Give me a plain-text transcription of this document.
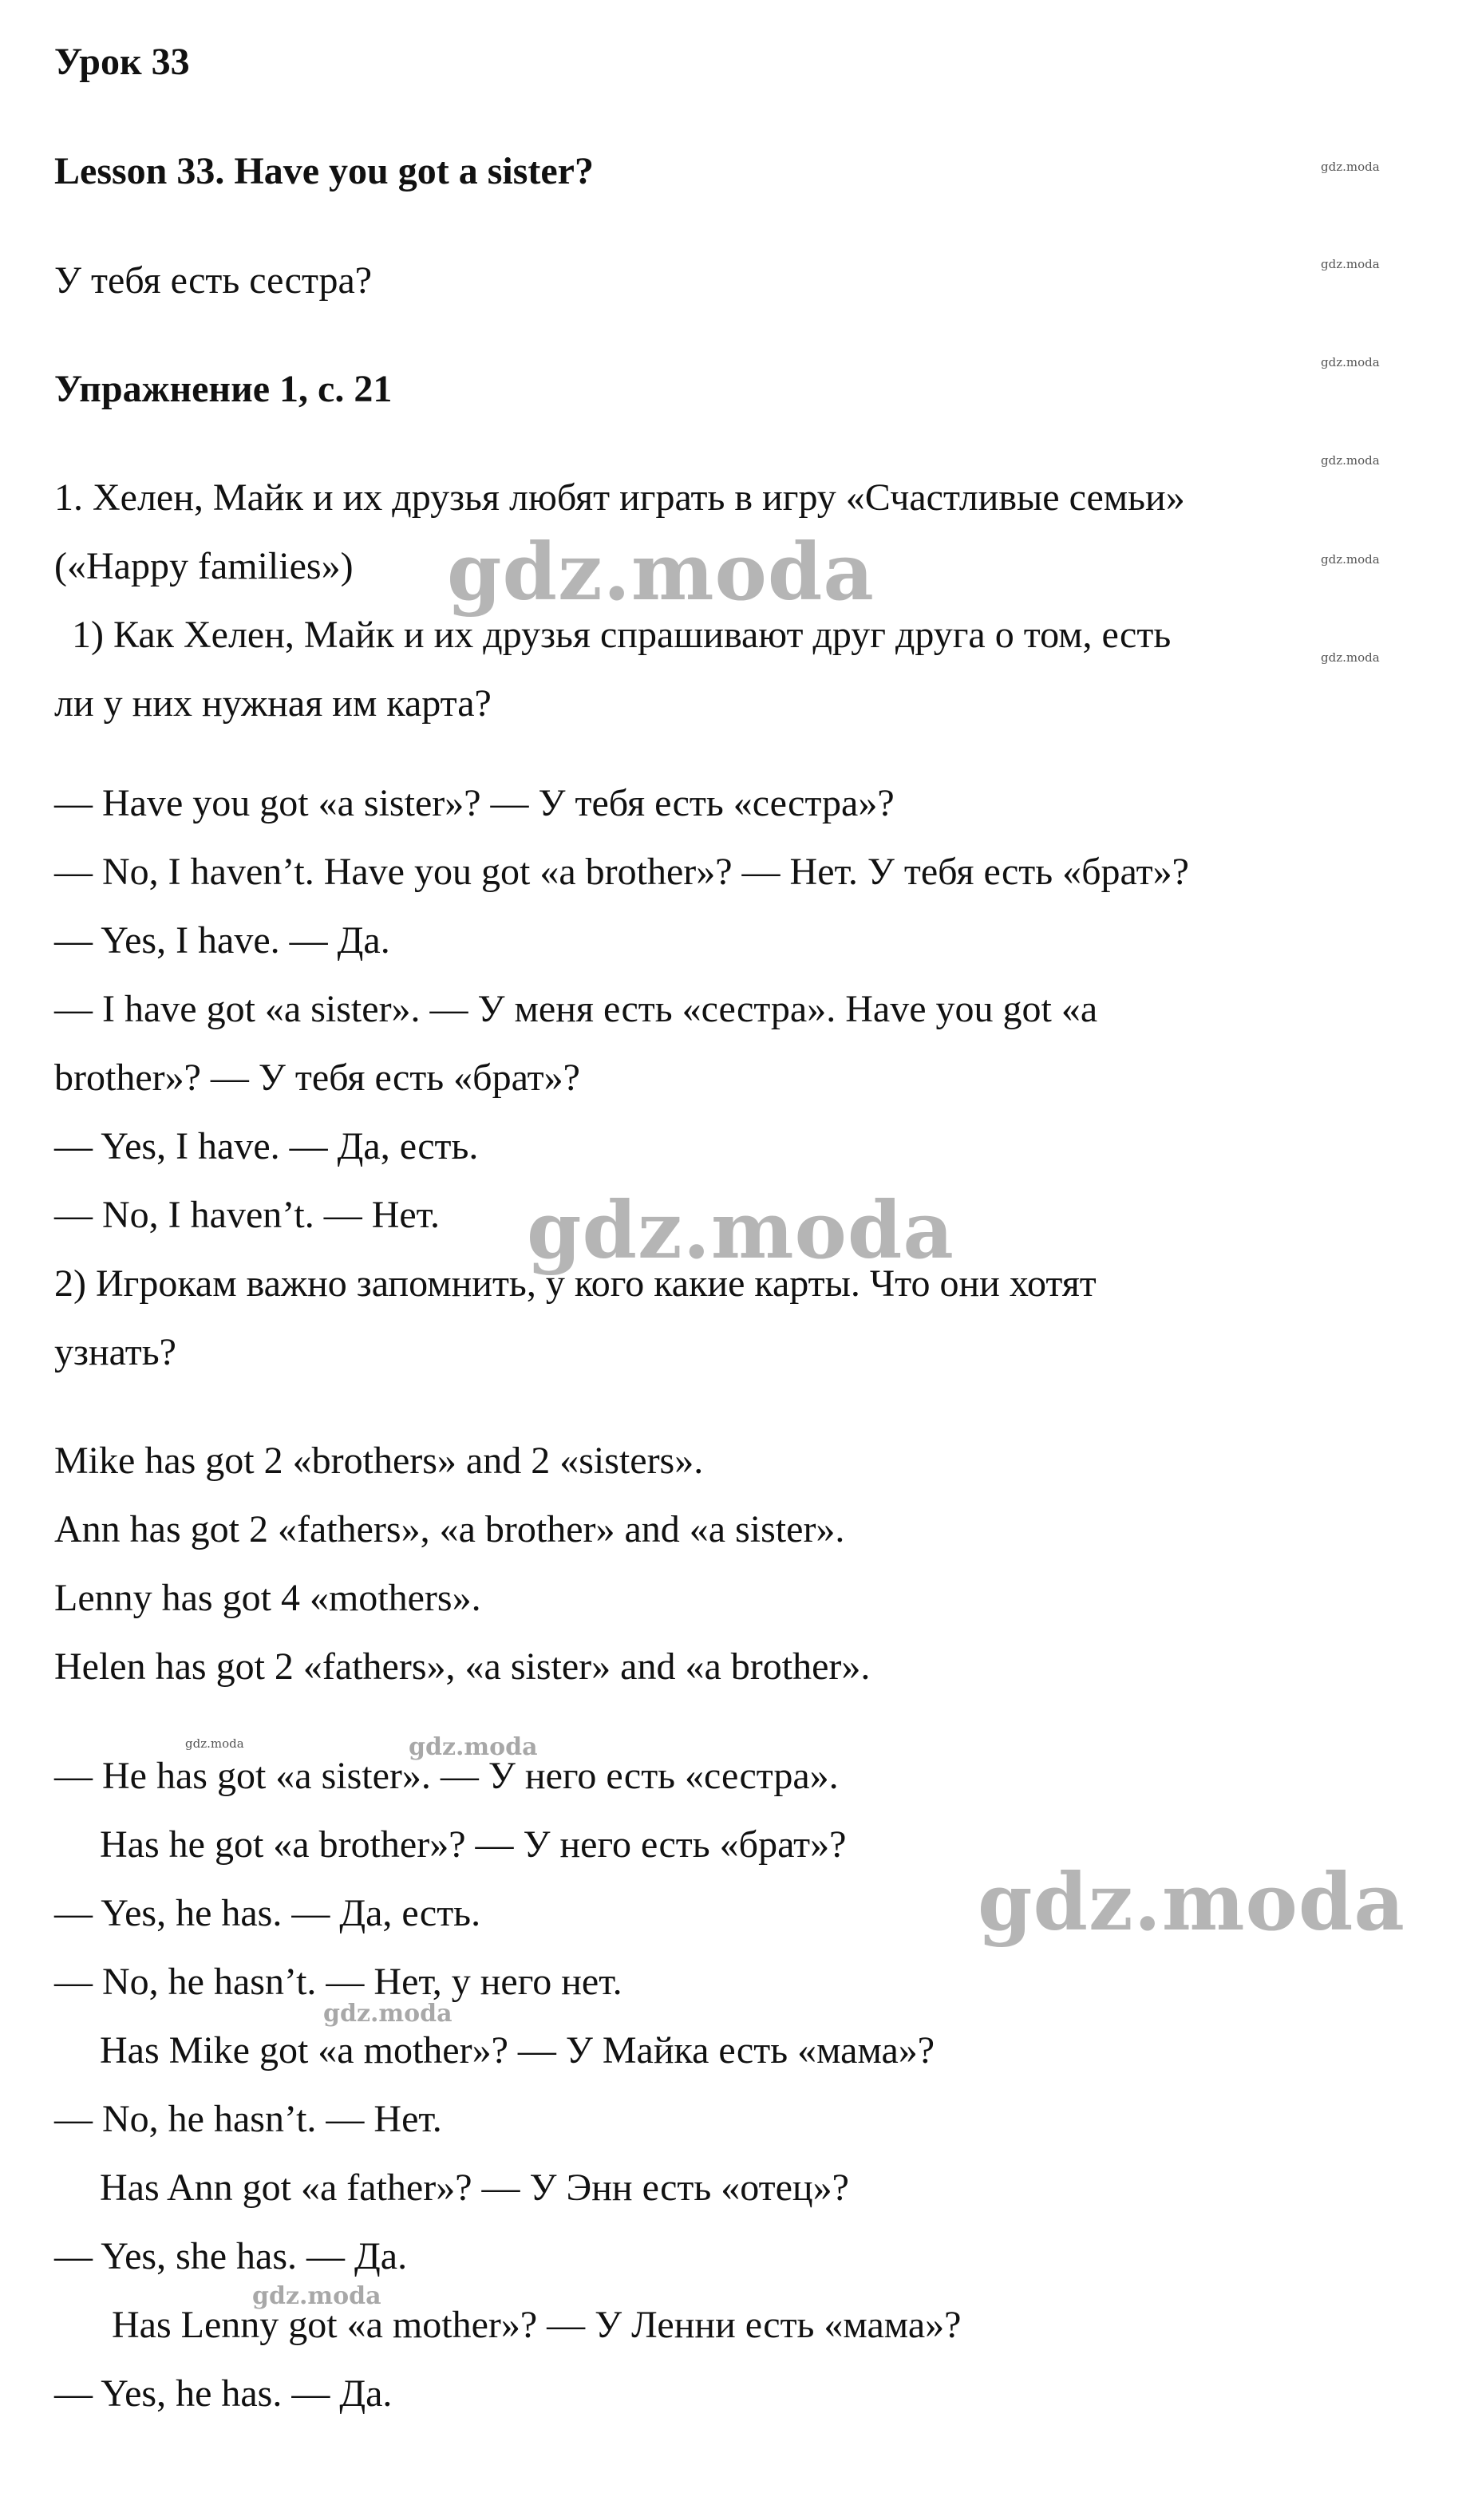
Урок 33
Lesson 33. Have you got a sister?
У тебя есть сестра?
Упражнение 1, с. 21
1. Хелен, Майк и их друзья любят играть в игру «Счастливые семьи»
(«Happy families»)
1) Как Хелен, Майк и их друзья спрашивают друг друга о том, есть
ли у них нужная им карта?
— Have you got «a sister»? — У тебя есть «сестра»?
— No, I haven’t. Have you got «a brother»? — Нет. У тебя есть «брат»?
— Yes, I have. — Да.
— I have got «a sister». — У меня есть «сестра». Have you got «a
brother»? — У тебя есть «брат»?
— Yes, I have. — Да, есть.
— No, I haven’t. — Нет.
2) Игрокам важно запомнить, у кого какие карты. Что они хотят
узнать?
Mike has got 2 «brothers» and 2 «sisters».
Ann has got 2 «fathers», «a brother» and «a sister».
Lenny has got 4 «mothers».
Helen has got 2 «fathers», «a sister» and «a brother».
— He has got «a sister». — У него есть «сестра».
Has he got «a brother»? — У него есть «брат»?
— Yes, he has. — Да, есть.
— No, he hasn’t. — Нет, у него нет.
Has Mike got «a mother»? — У Майка есть «мама»?
— No, he hasn’t. — Нет.
Has Ann got «a father»? — У Энн есть «отец»?
— Yes, she has. — Да.
Has Lenny got «a mother»? — У Ленни есть «мама»?
— Yes, he has. — Да.
gdz.moda
gdz.moda
gdz.moda
gdz.moda
gdz.moda
gdz.moda
gdz.moda	gdz.moda
gdz.moda
gdz.moda
gdz.moda
gdz.moda
gdz.moda
